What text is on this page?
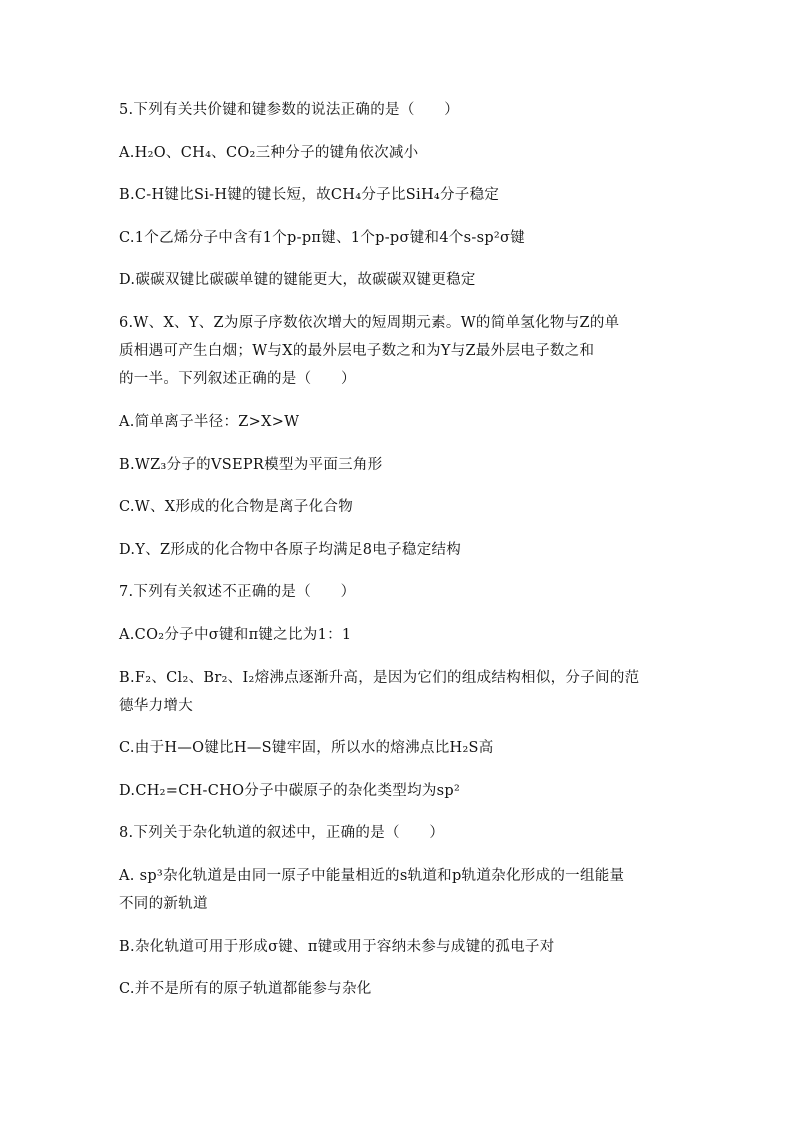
5.下列有关共价键和键参数的说法正确的是（　　）
A.H₂O、CH₄、CO₂三种分子的键角依次减小
B.C-H键比Si-H键的键长短，故CH₄分子比SiH₄分子稳定
C.1个乙烯分子中含有1个p-pπ键、1个p-pσ键和4个s-sp²σ键
D.碳碳双键比碳碳单键的键能更大，故碳碳双键更稳定
6.W、X、Y、Z为原子序数依次增大的短周期元素。W的简单氢化物与Z的单
质相遇可产生白烟；W与X的最外层电子数之和为Y与Z最外层电子数之和
的一半。下列叙述正确的是（　　）
A.简单离子半径：Z>X>W
B.WZ₃分子的VSEPR模型为平面三角形
C.W、X形成的化合物是离子化合物
D.Y、Z形成的化合物中各原子均满足8电子稳定结构
7.下列有关叙述不正确的是（　　）
A.CO₂分子中σ键和π键之比为1：1
B.F₂、Cl₂、Br₂、I₂熔沸点逐渐升高，是因为它们的组成结构相似，分子间的范
德华力增大
C.由于H—O键比H—S键牢固，所以水的熔沸点比H₂S高
D.CH₂=CH-CHO分子中碳原子的杂化类型均为sp²
8.下列关于杂化轨道的叙述中，正确的是（　　）
A. sp³杂化轨道是由同一原子中能量相近的s轨道和p轨道杂化形成的一组能量
不同的新轨道
B.杂化轨道可用于形成σ键、π键或用于容纳未参与成键的孤电子对
C.并不是所有的原子轨道都能参与杂化
